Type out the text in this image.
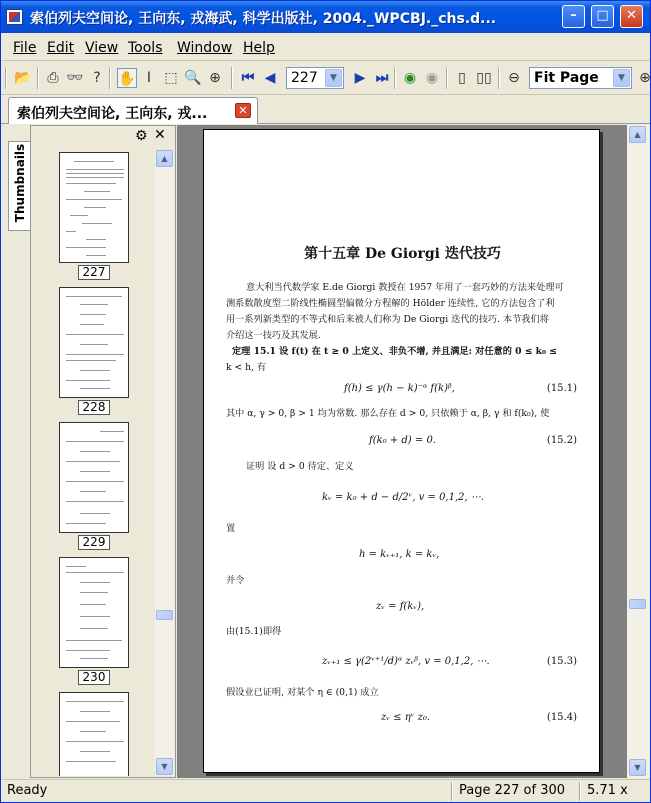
索伯列夫空间论, 王向东, 戎海武, 科学出版社, 2004._WPCBJ._chs.d...	–	□	✕
File Edit View Tools Window Help
📂	⎙ 👓 ?	✋ I ⬚ 🔍 ⊕ ⏮ ◀	▶ ⏭ ◉ ◉	▯ ▯▯ ⊖	⊕
227	▼	Fit Page	▼
索伯列夫空间论, 王向东, 戎...	✕
Thumbnails
⚙ ✕
227
228
229
230
▲
▼
第十五章 De Giorgi 迭代技巧
意大利当代数学家 E.de Giorgi 教授在 1957 年用了一套巧妙的方法来处理可
测系数散度型二阶线性椭圆型偏微分方程解的 Hölder 连续性, 它的方法包含了利
用一系列新类型的不等式和后来被人们称为 De Giorgi 迭代的技巧. 本节我们将
介绍这一技巧及其发展.
定理 15.1 设 f(t) 在 t ≥ 0 上定义、非负不增, 并且满足: 对任意的 0 ≤ k₀ ≤
k < h, 有
f(h) ≤ γ(h − k)⁻ᵅ f(k)ᵝ,	(15.1)
其中 α, γ > 0, β > 1 均为常数. 那么存在 d > 0, 只依赖于 α, β, γ 和 f(k₀), 使
f(k₀ + d) = 0.	(15.2)
证明 设 d > 0 待定、定义
kᵥ = k₀ + d − d/2ᵛ, v = 0,1,2, ⋯.
置
h = kᵥ₊₁, k = kᵥ,
并令
zᵥ = f(kᵥ),
由(15.1)即得
zᵥ₊₁ ≤ γ(2ᵛ⁺¹/d)ᵅ zᵥᵝ, v = 0,1,2, ⋯.	(15.3)
假设业已证明, 对某个 η ∈ (0,1) 成立
zᵥ ≤ ηᵛ z₀.	(15.4)
▲
▼
Ready	Page 227 of 300 5.71 x
